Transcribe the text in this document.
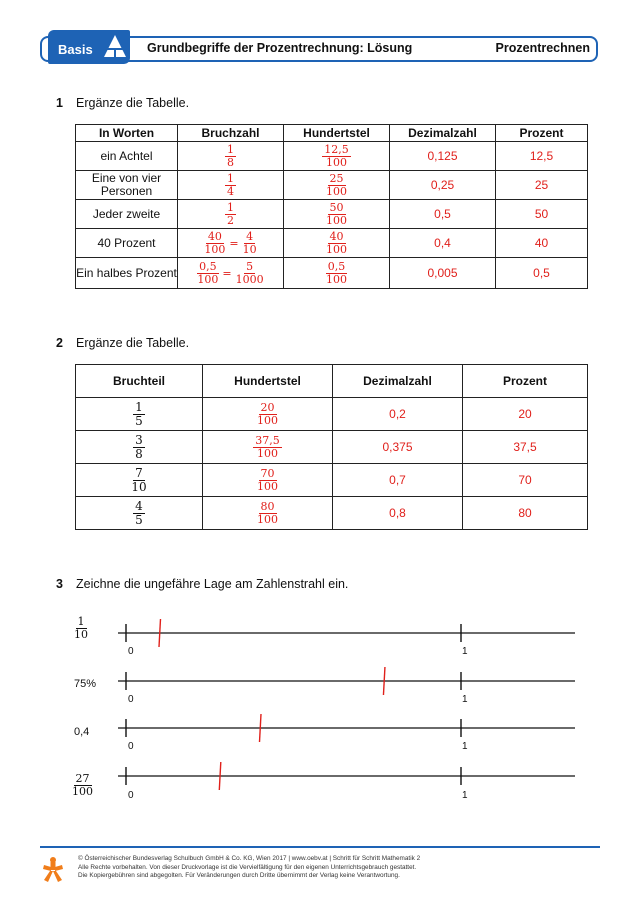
Basis	Grundbegriffe der Prozentrechnung: Lösung	Prozentrechnen
1 Ergänze die Tabelle.
In Worten	Bruchzahl	Hundertstel	Dezimalzahl	Prozent
ein Achtel	$\frac{1}{8}$	$\frac{12,5}{100}$	0,125	12,5
Eine von vier Personen	$\frac{1}{4}$	$\frac{25}{100}$	0,25	25
Jeder zweite	$\frac{1}{2}$	$\frac{50}{100}$	0,5	50
40 Prozent	$\frac{40}{100} = \frac{4}{10}$	$\frac{40}{100}$	0,4	40
Ein halbes Prozent	$\frac{0,5}{100} = \frac{5}{1000}$	$\frac{0,5}{100}$	0,005	0,5
2 Ergänze die Tabelle.
Bruchteil	Hundertstel	Dezimalzahl	Prozent

$\frac{1}{5}$	$\frac{20}{100}$	0,2	20

$\frac{3}{8}$	$\frac{37,5}{100}$	0,375	37,5

$\frac{7}{10}$	$\frac{70}{100}$	0,7	70

$\frac{4}{5}$	$\frac{80}{100}$	0,8	80
3 Zeichne die ungefähre Lage am Zahlenstrahl ein.
$\frac{1}{10}$
75%
0,4
$\frac{27}{100}$
0	1
0	1
0	1
0	1
© Österreichischer Bundesverlag Schulbuch GmbH & Co. KG, Wien 2017 | www.oebv.at | Schritt für Schritt Mathematik 2
Alle Rechte vorbehalten. Von dieser Druckvorlage ist die Vervielfältigung für den eigenen Unterrichtsgebrauch gestattet.
Die Kopiergebühren sind abgegolten. Für Veränderungen durch Dritte übernimmt der Verlag keine Verantwortung.
